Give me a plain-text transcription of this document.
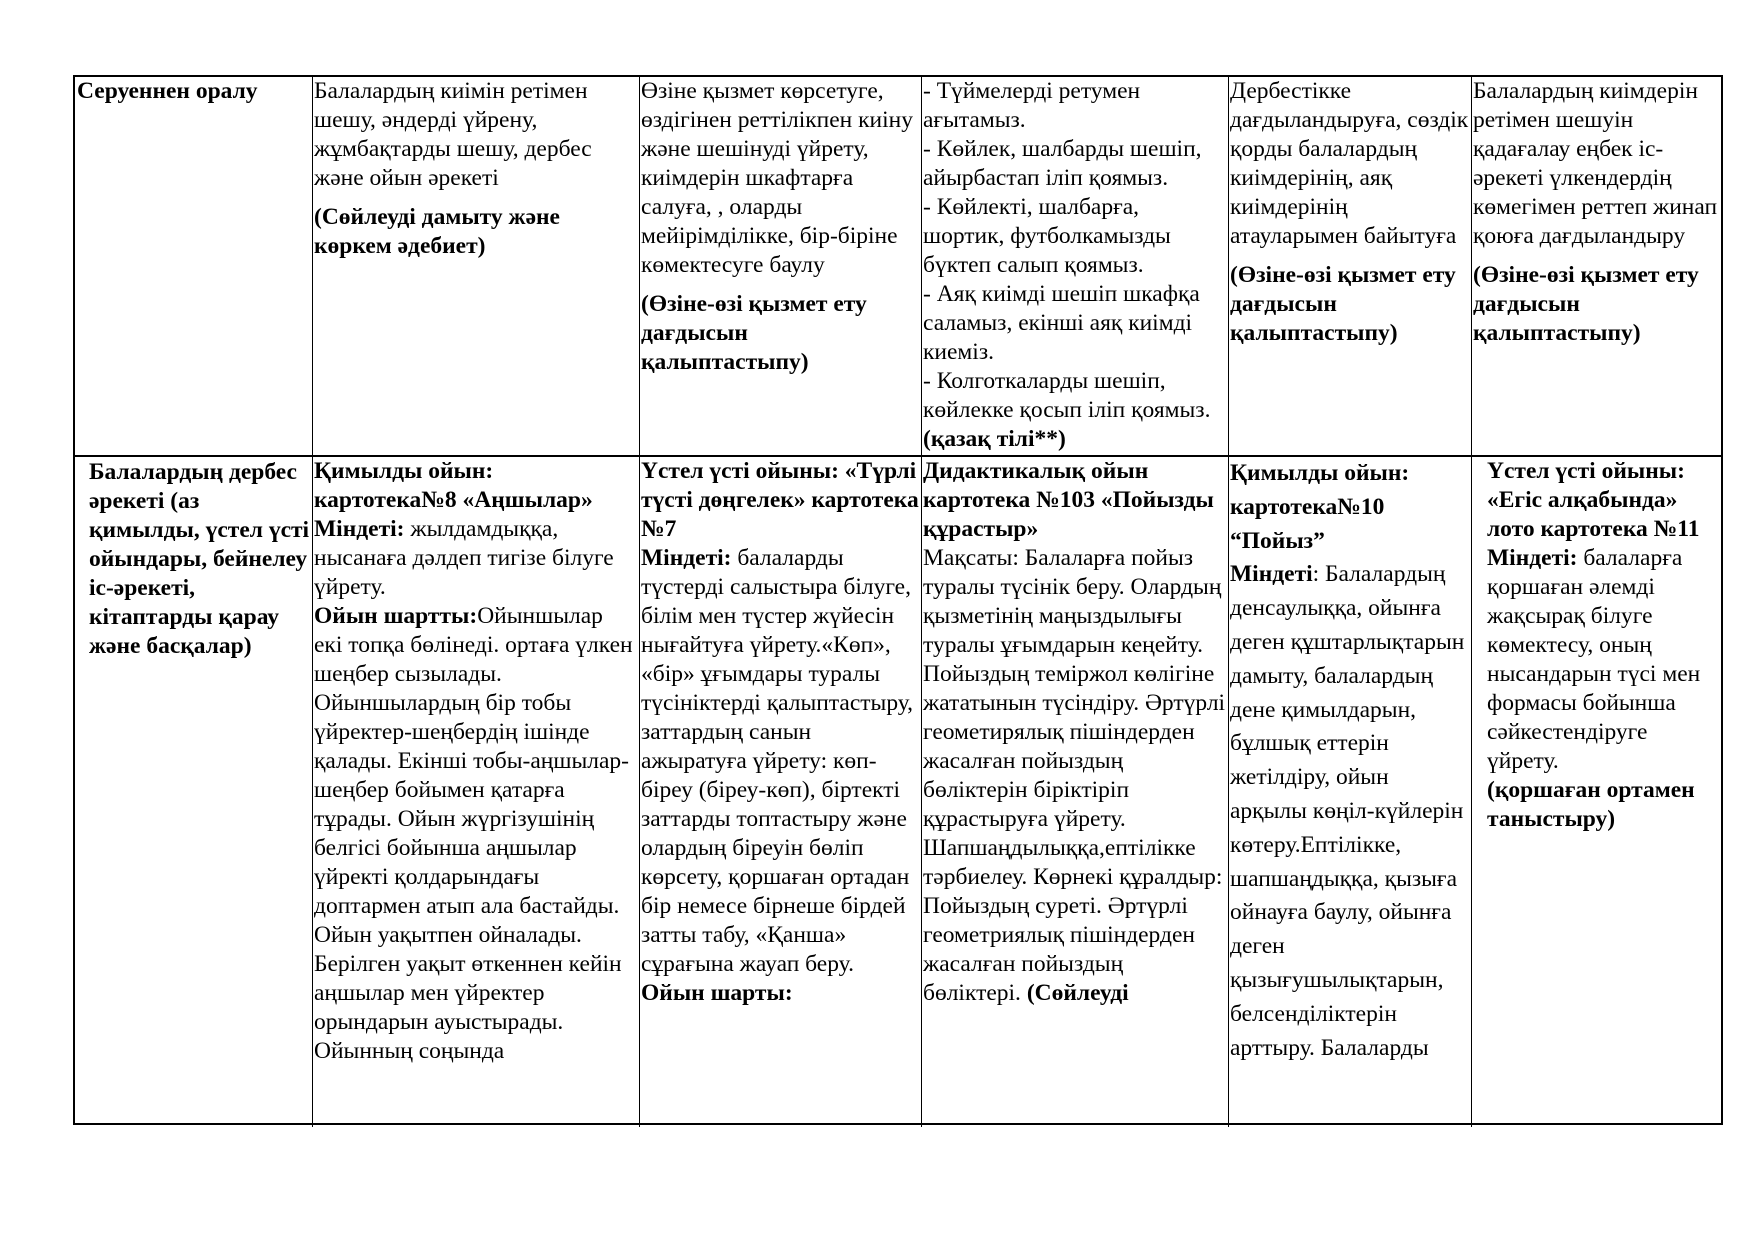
Серуеннен оралу	Балалардың киімін ретімен шешу, әндерді үйрену, жұмбақтарды шешу, дербес және ойын әрекеті
(Сөйлеуді дамыту және көркем әдебиет)
Өзіне қызмет көрсетуге, өздігінен реттілікпен киіну және шешінуді үйрету, киімдерін шкафтарға салуға, , оларды мейірімділікке, бір-біріне көмектесуге баулу
(Өзіне-өзі қызмет ету дағдысын қалыптастыпу)
- Түймелерді ретумен ағытамыз.
- Көйлек, шалбарды шешіп, айырбастап іліп қоямыз.
- Көйлекті, шалбарға, шортик, футболкамызды бүктеп салып қоямыз.
- Аяқ киімді шешіп шкафқа саламыз, екінші аяқ киімді киеміз.
- Колготкаларды шешіп, көйлекке қосып іліп қоямыз.  (қазақ тілі**)
Дербестікке дағдыландыруға, сөздік қорды балалардың киімдерінің, аяқ киімдерінің атауларымен байытуға
(Өзіне-өзі қызмет ету дағдысын қалыптастыпу)
Балалардың киімдерін ретімен шешуін қадағалау еңбек іс-әрекеті үлкендердің көмегімен реттеп жинап қоюға дағдыландыру
(Өзіне-өзі қызмет ету дағдысын қалыптастыпу)
Балалардың дербес әрекеті (аз қимылды, үстел үсті ойындары, бейнелеу іс-әрекеті, кітаптарды қарау және басқалар)
Қимылды ойын: картотека№8 «Аңшылар»
Міндеті: жылдамдыққа, нысанаға дәлдеп тигізе білуге үйрету.
Ойын шартты:Ойыншылар екі топқа бөлінеді. ортаға үлкен шеңбер сызылады. Ойыншылардың бір тобы үйректер-шеңбердің ішінде қалады. Екінші тобы-аңшылар-шеңбер бойымен қатарға тұрады. Ойын жүргізушінің белгісі бойынша аңшылар үйректі қолдарындағы доптармен атып ала бастайды. Ойын уақытпен ойналады. Берілген уақыт өткеннен кейін аңшылар мен үйректер орындарын ауыстырады. Ойынның соңында
Үстел үсті ойыны: «Түрлі түсті дөңгелек» картотека №7
Міндеті: балаларды түстерді салыстыра білуге, білім мен түстер жүйесін нығайтуға үйрету.«Көп», «бір» ұғымдары туралы түсініктерді қалыптастыру, заттардың санын ажыратуға үйрету: көп-біреу (біреу-көп), біртекті заттарды топтастыру және олардың біреуін бөліп көрсету, қоршаған ортадан бір немесе бірнеше бірдей затты табу, «Қанша» сұрағына жауап беру.
Ойын шарты:
Дидактикалық ойын картотека №103 «Пойызды құрастыр»
Мақсаты: Балаларға пойыз туралы түсінік беру. Олардың қызметінің маңыздылығы туралы ұғымдарын кеңейту. Пойыздың теміржол көлігіне жататынын түсіндіру. Әртүрлі геометирялық пішіндерден жасалған пойыздың бөліктерін біріктіріп құрастыруға үйрету. Шапшаңдылыққа,ептілікке тәрбиелеу. Көрнекі құралдыр: Пойыздың суреті. Әртүрлі геометриялық пішіндерден жасалған пойыздың бөліктері. (Сөйлеуді
Қимылды ойын: картотека№10 “Пойыз”
Міндеті: Балалардың денсаулыққа, ойынға деген құштарлықтарын дамыту, балалардың дене қимылдарын, бұлшық еттерін жетілдіру, ойын арқылы көңіл-күйлерін көтеру.Ептілікке, шапшаңдыққа, қызыға ойнауға баулу, ойынға деген қызығушылықтарын, белсенділіктерін арттыру. Балаларды
Үстел үсті ойыны: «Егіс алқабында» лото картотека №11
Міндеті: балаларға қоршаған әлемді жақсырақ білуге көмектесу, оның нысандарын түсі мен формасы бойынша сәйкестендіруге үйрету.
(қоршаған ортамен таныстыру)
